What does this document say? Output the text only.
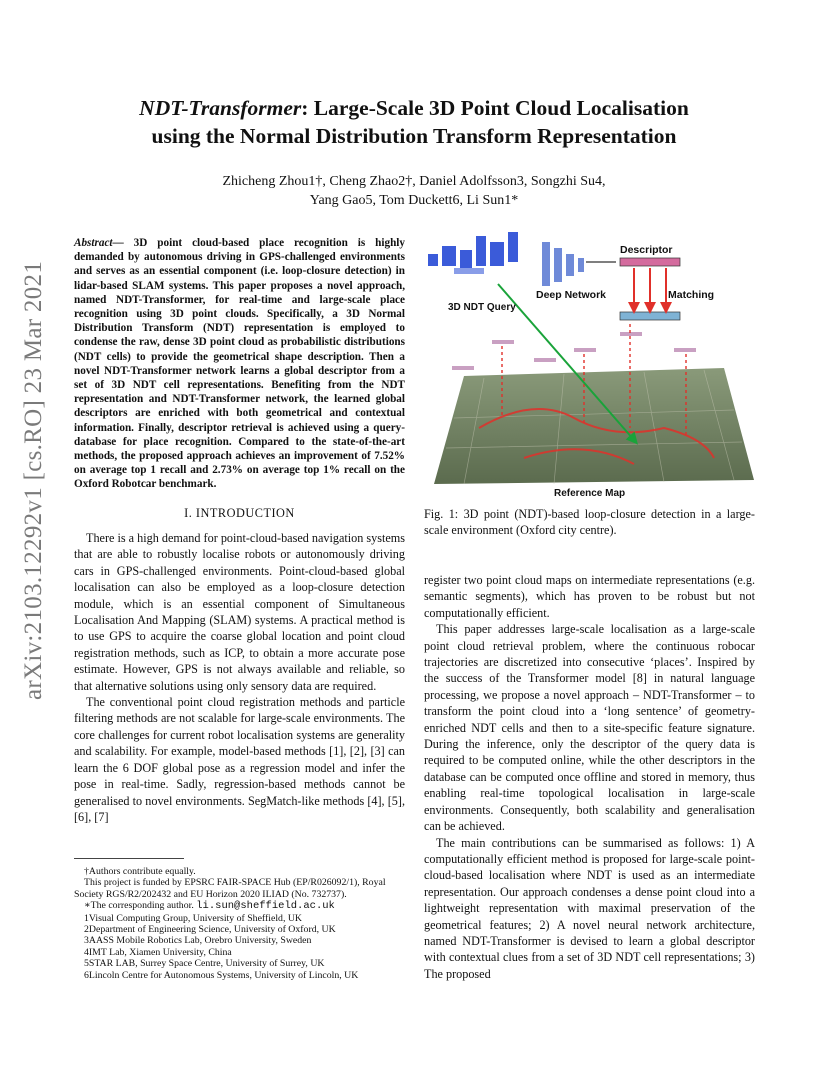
NDT-Transformer: Large-Scale 3D Point Cloud Localisation
using the Normal Distribution Transform Representation
Zhicheng Zhou1†, Cheng Zhao2†, Daniel Adolfsson3, Songzhi Su4,
Yang Gao5, Tom Duckett6, Li Sun1*
arXiv:2103.12292v1 [cs.RO] 23 Mar 2021
Abstract— 3D point cloud-based place recognition is highly demanded by autonomous driving in GPS-challenged environments and serves as an essential component (i.e. loop-closure detection) in lidar-based SLAM systems. This paper proposes a novel approach, named NDT-Transformer, for real-time and large-scale place recognition using 3D point clouds. Specifically, a 3D Normal Distribution Transform (NDT) representation is employed to condense the raw, dense 3D point cloud as probabilistic distributions (NDT cells) to provide the geometrical shape description. Then a novel NDT-Transformer network learns a global descriptor from a set of 3D NDT cell representations. Benefiting from the NDT representation and NDT-Transformer network, the learned global descriptors are enriched with both geometrical and contextual information. Finally, descriptor retrieval is achieved using a query-database for place recognition. Compared to the state-of-the-art methods, the proposed approach achieves an improvement of 7.52% on average top 1 recall and 2.73% on average top 1% recall on the Oxford Robotcar benchmark.
I. INTRODUCTION

There is a high demand for point-cloud-based navigation systems that are able to robustly localise robots or autonomously driving cars in GPS-challenged environments. Point-cloud-based global localisation can also be employed as a loop-closure detection module, which is an essential component of Simultaneous Localisation And Mapping (SLAM) systems. A practical method is to use GPS to acquire the coarse global location and point cloud registration methods, such as ICP, to obtain a more accurate pose estimate. However, GPS is not always available and reliable, so that alternative solutions using only sensory data are required.

The conventional point cloud registration methods and particle filtering methods are not scalable for large-scale environments. The core challenges for current robot localisation systems are generality and scalability. For example, model-based methods [1], [2], [3] can learn the 6 DOF global pose as a regression model and infer the pose in real-time. Sadly, regression-based methods cannot be generalised to novel environments. SegMatch-like methods [4], [5], [6], [7]

†Authors contribute equally.
This project is funded by EPSRC FAIR-SPACE Hub (EP/R026092/1), Royal Society RGS/R2/202432 and EU Horizon 2020 ILIAD (No. 732737).
∗The corresponding author. li.sun@sheffield.ac.uk
1Visual Computing Group, University of Sheffield, UK
2Department of Engineering Science, University of Oxford, UK
3AASS Mobile Robotics Lab, Orebro University, Sweden
4IMT Lab, Xiamen University, China
5STAR LAB, Surrey Space Centre, University of Surrey, UK
6Lincoln Centre for Autonomous Systems, University of Lincoln, UK
Descriptor
Deep Network	Matching
3D NDT Query
Reference Map
Fig. 1: 3D point (NDT)-based loop-closure detection in a large-scale environment (Oxford city centre).

register two point cloud maps on intermediate representations (e.g. semantic segments), which has proven to be robust but not computationally efficient.

This paper addresses large-scale localisation as a large-scale point cloud retrieval problem, where the continuous robocar trajectories are discretized into consecutive ‘places’. Inspired by the success of the Transformer model [8] in natural language processing, we propose a novel approach – NDT-Transformer – to transform the point cloud into a ‘long sentence’ of geometry-enriched NDT cells and then to a site-specific feature signature. During the inference, only the descriptor of the query data is required to be computed online, while the other descriptors in the database can be computed once offline and stored in memory, thus enabling real-time topological localisation in large-scale environments. Consequently, both scalability and generalisation can be achieved.

The main contributions can be summarised as follows: 1) A computationally efficient method is proposed for large-scale point-cloud-based localisation where NDT is used as an intermediate representation. Our approach condenses a dense point cloud into a lightweight representation with maximal preservation of the geometrical features; 2) A novel neural network architecture, named NDT-Transformer is devised to learn a global descriptor with contextual clues from a set of 3D NDT cell representations; 3) The proposed
